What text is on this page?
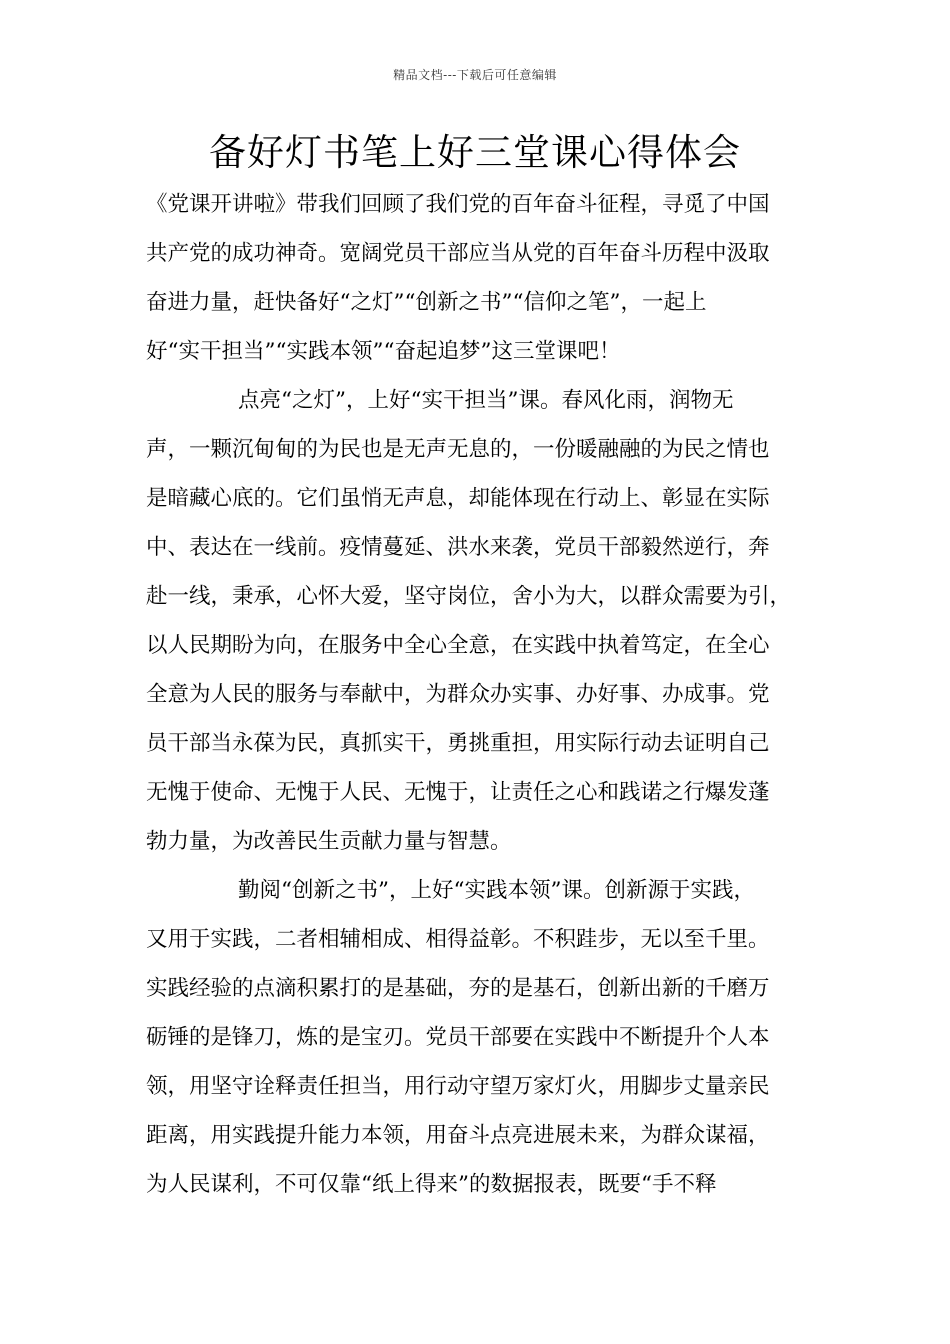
精品文档---下载后可任意编辑
备好灯书笔上好三堂课心得体会
《党课开讲啦》带我们回顾了我们党的百年奋斗征程，寻觅了中国
共产党的成功神奇。宽阔党员干部应当从党的百年奋斗历程中汲取
奋进力量，赶快备好“之灯”“创新之书”“信仰之笔”，一起上
好“实干担当”“实践本领”“奋起追梦”这三堂课吧！
点亮“之灯”，上好“实干担当”课。春风化雨，润物无
声，一颗沉甸甸的为民也是无声无息的，一份暖融融的为民之情也
是暗藏心底的。它们虽悄无声息，却能体现在行动上、彰显在实际
中、表达在一线前。疫情蔓延、洪水来袭，党员干部毅然逆行，奔
赴一线，秉承，心怀大爱，坚守岗位，舍小为大，以群众需要为引，
以人民期盼为向，在服务中全心全意，在实践中执着笃定，在全心
全意为人民的服务与奉献中，为群众办实事、办好事、办成事。党
员干部当永葆为民，真抓实干，勇挑重担，用实际行动去证明自己
无愧于使命、无愧于人民、无愧于，让责任之心和践诺之行爆发蓬
勃力量，为改善民生贡献力量与智慧。
勤阅“创新之书”，上好“实践本领”课。创新源于实践，
又用于实践，二者相辅相成、相得益彰。不积跬步，无以至千里。
实践经验的点滴积累打的是基础，夯的是基石，创新出新的千磨万
砺锤的是锋刀，炼的是宝刃。党员干部要在实践中不断提升个人本
领，用坚守诠释责任担当，用行动守望万家灯火，用脚步丈量亲民
距离，用实践提升能力本领，用奋斗点亮进展未来，为群众谋福，
为人民谋利，不可仅靠“纸上得来”的数据报表，既要“手不释
